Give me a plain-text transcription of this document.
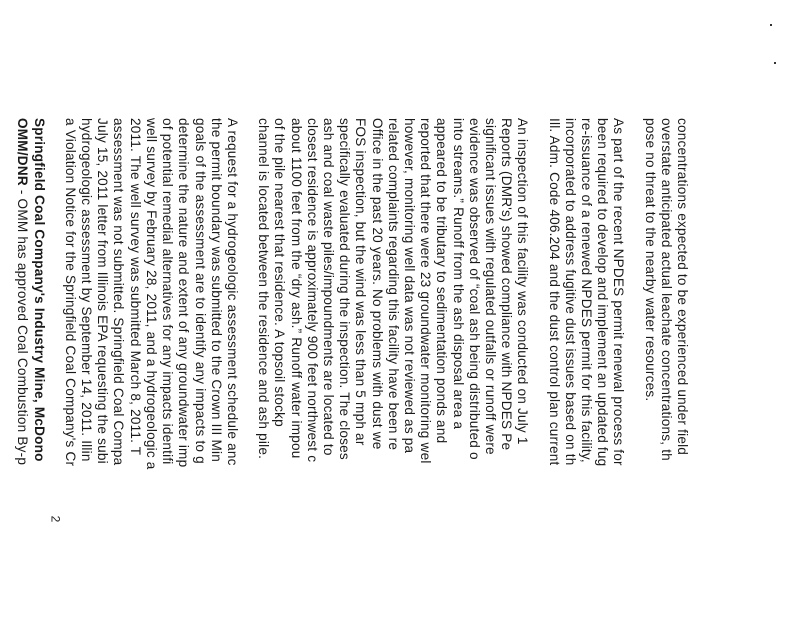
concentrations expected to be experienced under field
overstate anticipated actual leachate concentrations, th
pose no threat to the nearby water resources.
As part of the recent NPDES permit renewal process for
been required to develop and implement an updated fug
re-issuance of a renewed NPDES permit for this facility,
incorporated to address fugitive dust issues based on th
Ill. Adm. Code 406.204 and the dust control plan current
An inspection of this facility was conducted on July 1
Reports (DMR's) showed compliance with NPDES Pe
significant issues with regulated outfalls or runoff were
evidence was observed of “coal ash being distributed o
into streams.” Runoff from the ash disposal area a
appeared to be tributary to sedimentation ponds and
reported that there were 23 groundwater monitoring wel
however, monitoring well data was not reviewed as pa
related complaints regarding this facility have been re
Office in the past 20 years. No problems with dust we
FOS inspection, but the wind was less than 5 mph ar
specifically evaluated during the inspection. The closes
ash and coal waste piles/impoundments are located to
closest residence is approximately 900 feet northwest c
about 1100 feet from the “dry ash.” Runoff water impou
of the pile nearest that residence. A topsoil stockp
channel is located between the residence and ash pile.
A request for a hydrogeologic assessment schedule anc
the permit boundary was submitted to the Crown III Min
goals of the assessment are to identify any impacts to g
determine the nature and extent of any groundwater imp
of potential remedial alternatives for any impacts identifi
well survey by February 28, 2011, and a hydrogeologic a
2011. The well survey was submitted March 8, 2011. T
assessment was not submitted. Springfield Coal Compa
July 15, 2011 letter from Illinois EPA requesting the subi
hydrogeologic assessment by September 14, 2011. Illin
a Violation Notice for the Springfield Coal Company's Cr
Springfield Coal Company's Industry Mine, McDono
OMM/DNR - OMM has approved Coal Combustion By-p
2
